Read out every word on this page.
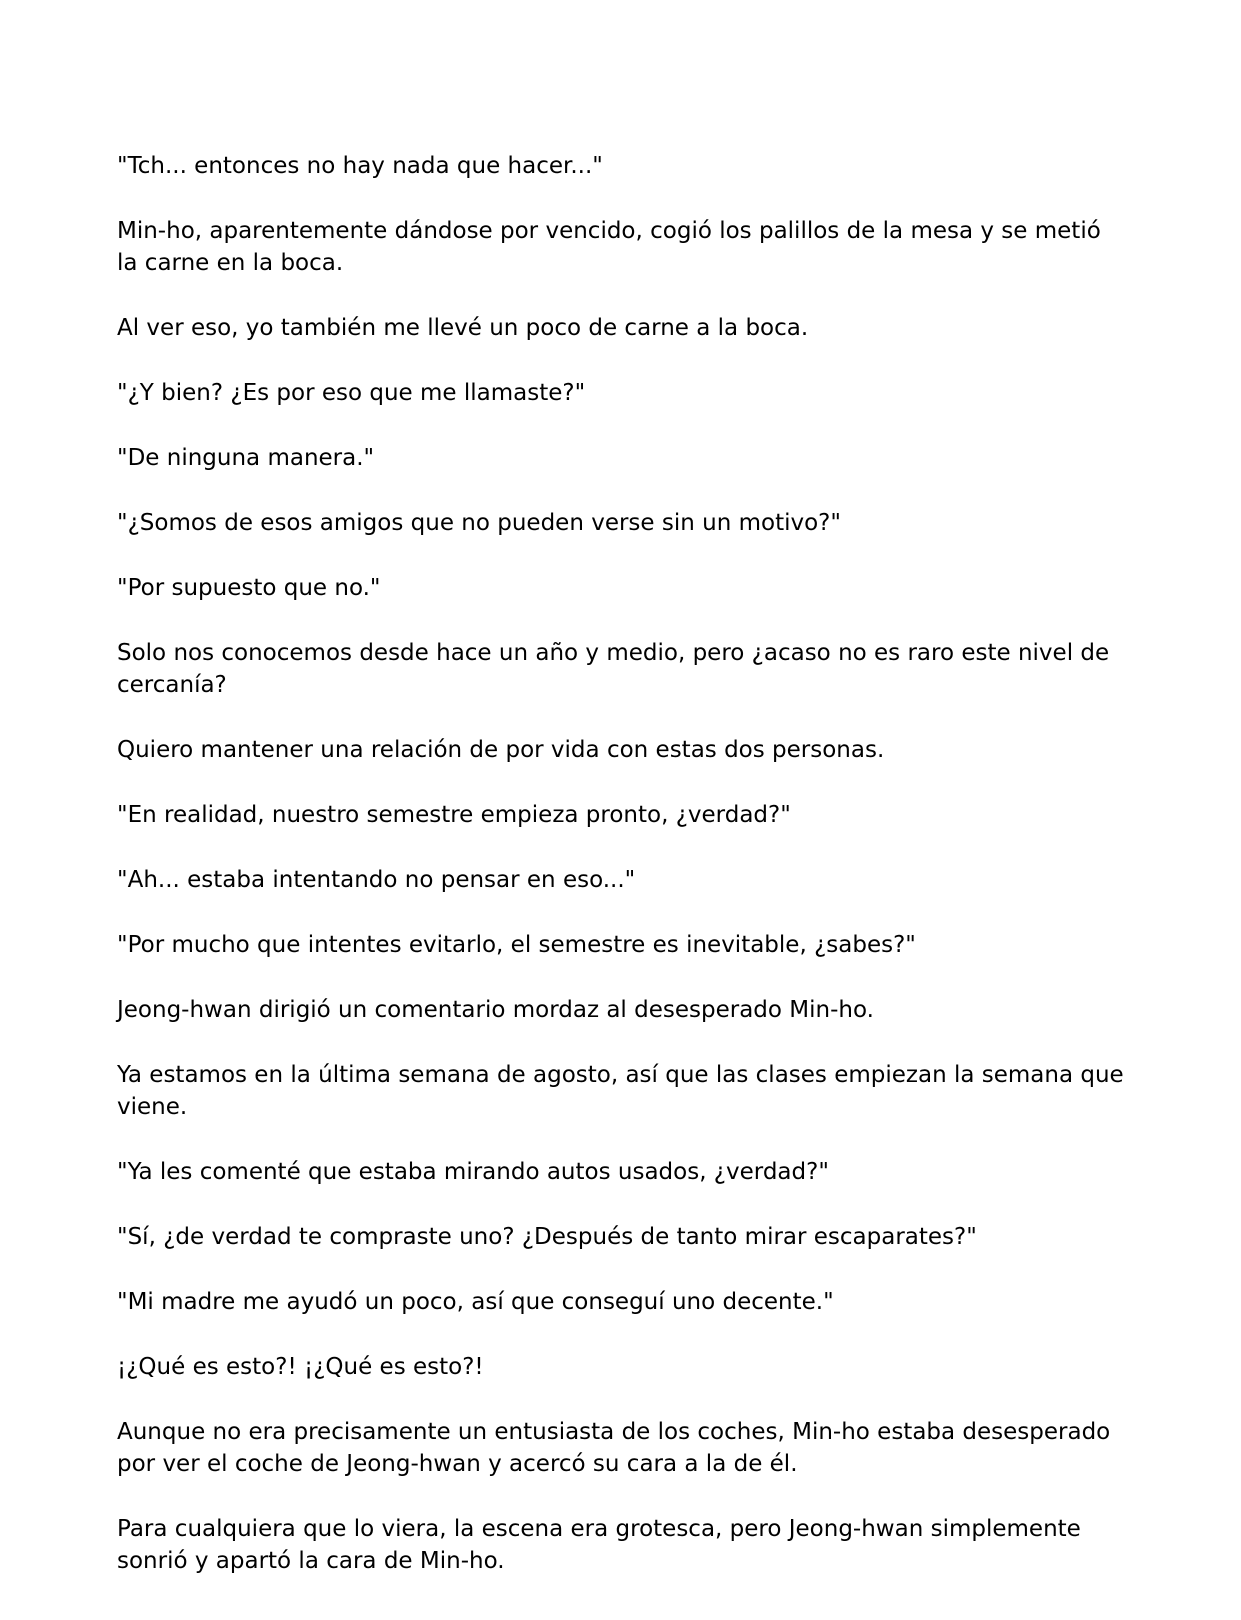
"Tch... entonces no hay nada que hacer..."

Min-ho, aparentemente dándose por vencido, cogió los palillos de la mesa y se metió la carne en la boca.

Al ver eso, yo también me llevé un poco de carne a la boca.

"¿Y bien? ¿Es por eso que me llamaste?"

"De ninguna manera."

"¿Somos de esos amigos que no pueden verse sin un motivo?"

"Por supuesto que no."

Solo nos conocemos desde hace un año y medio, pero ¿acaso no es raro este nivel de cercanía?

Quiero mantener una relación de por vida con estas dos personas.

"En realidad, nuestro semestre empieza pronto, ¿verdad?"

"Ah... estaba intentando no pensar en eso..."

"Por mucho que intentes evitarlo, el semestre es inevitable, ¿sabes?"

Jeong-hwan dirigió un comentario mordaz al desesperado Min-ho.

Ya estamos en la última semana de agosto, así que las clases empiezan la semana que viene.

"Ya les comenté que estaba mirando autos usados, ¿verdad?"

"Sí, ¿de verdad te compraste uno? ¿Después de tanto mirar escaparates?"

"Mi madre me ayudó un poco, así que conseguí uno decente."

¡¿Qué es esto?! ¡¿Qué es esto?!

Aunque no era precisamente un entusiasta de los coches, Min-ho estaba desesperado por ver el coche de Jeong-hwan y acercó su cara a la de él.

Para cualquiera que lo viera, la escena era grotesca, pero Jeong-hwan simplemente sonrió y apartó la cara de Min-ho.
